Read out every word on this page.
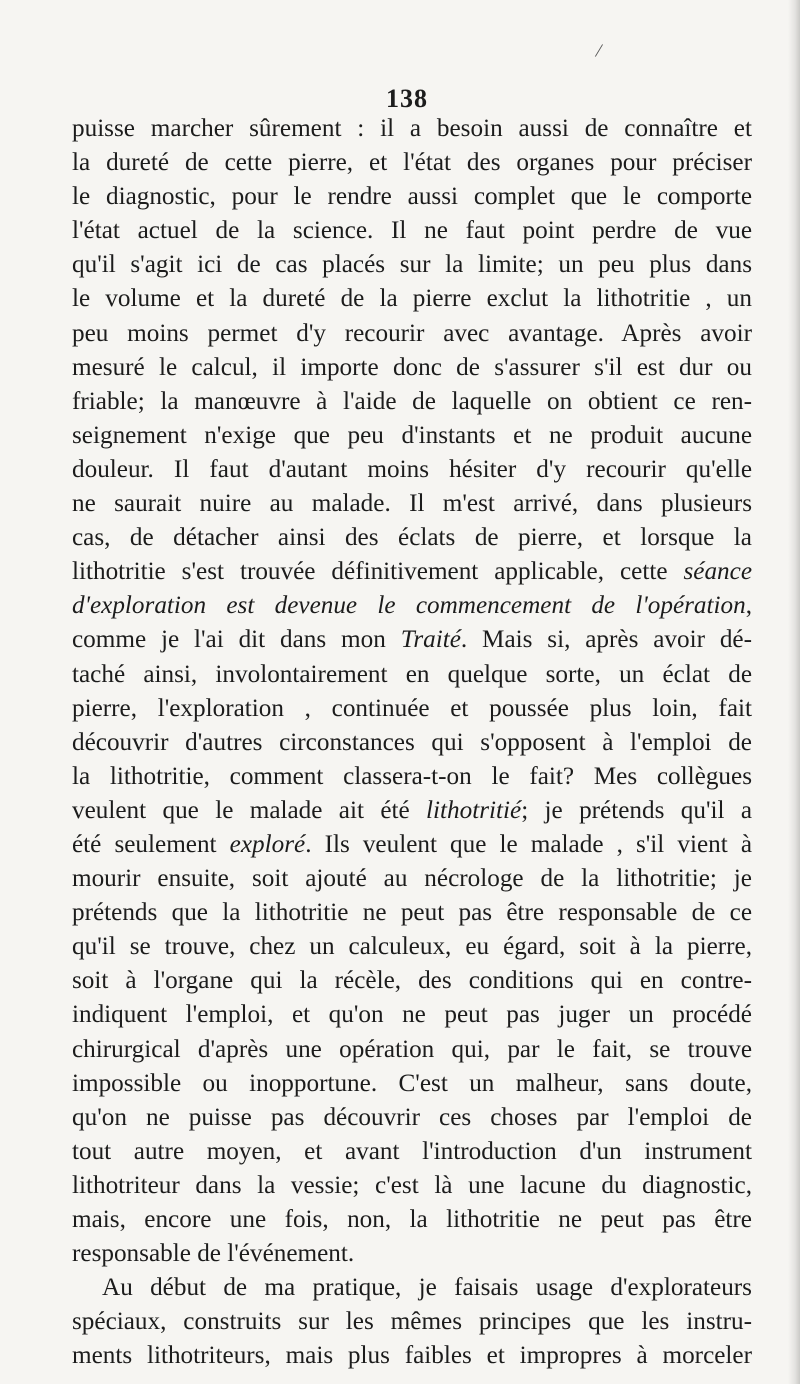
/
138
puisse marcher sûrement : il a besoin aussi de connaître et
la dureté de cette pierre, et l'état des organes pour préciser
le diagnostic, pour le rendre aussi complet que le comporte
l'état actuel de la science. Il ne faut point perdre de vue
qu'il s'agit ici de cas placés sur la limite; un peu plus dans
le volume et la dureté de la pierre exclut la lithotritie , un
peu moins permet d'y recourir avec avantage. Après avoir
mesuré le calcul, il importe donc de s'assurer s'il est dur ou
friable; la manœuvre à l'aide de laquelle on obtient ce ren-
seignement n'exige que peu d'instants et ne produit aucune
douleur. Il faut d'autant moins hésiter d'y recourir qu'elle
ne saurait nuire au malade. Il m'est arrivé, dans plusieurs
cas, de détacher ainsi des éclats de pierre, et lorsque la
lithotritie s'est trouvée définitivement applicable, cette séance
d'exploration est devenue le commencement de l'opération,
comme je l'ai dit dans mon Traité. Mais si, après avoir dé-
taché ainsi, involontairement en quelque sorte, un éclat de
pierre, l'exploration , continuée et poussée plus loin, fait
découvrir d'autres circonstances qui s'opposent à l'emploi de
la lithotritie, comment classera-t-on le fait? Mes collègues
veulent que le malade ait été lithotritié; je prétends qu'il a
été seulement exploré. Ils veulent que le malade , s'il vient à
mourir ensuite, soit ajouté au nécrologe de la lithotritie; je
prétends que la lithotritie ne peut pas être responsable de ce
qu'il se trouve, chez un calculeux, eu égard, soit à la pierre,
soit à l'organe qui la récèle, des conditions qui en contre-
indiquent l'emploi, et qu'on ne peut pas juger un procédé
chirurgical d'après une opération qui, par le fait, se trouve
impossible ou inopportune. C'est un malheur, sans doute,
qu'on ne puisse pas découvrir ces choses par l'emploi de
tout autre moyen, et avant l'introduction d'un instrument
lithotriteur dans la vessie; c'est là une lacune du diagnostic,
mais, encore une fois, non, la lithotritie ne peut pas être
responsable de l'événement.
Au début de ma pratique, je faisais usage d'explorateurs
spéciaux, construits sur les mêmes principes que les instru-
ments lithotriteurs, mais plus faibles et impropres à morceler
